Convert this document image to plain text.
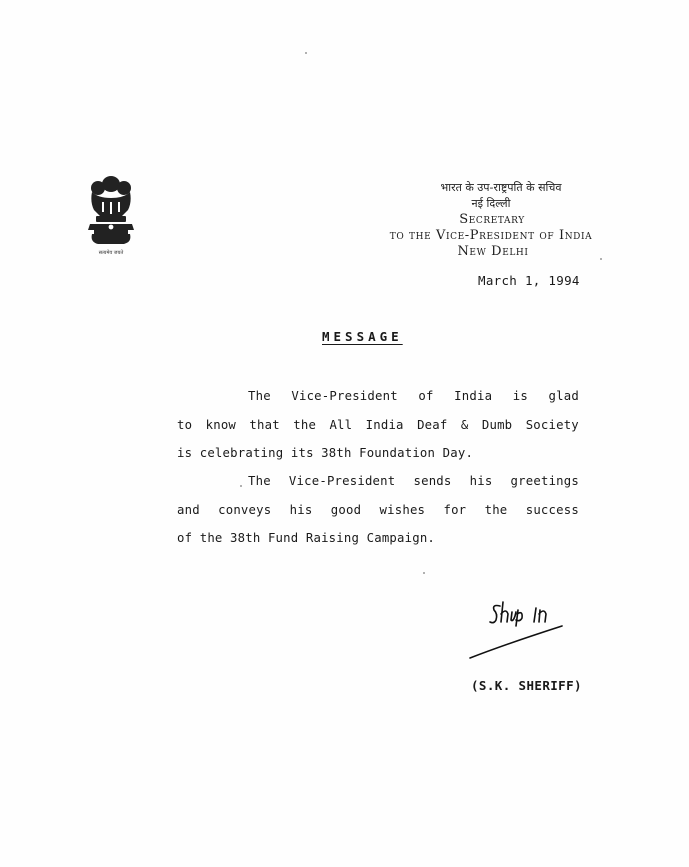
सत्यमेव जयते
भारत के उप-राष्ट्रपति के सचिव
नई दिल्ली
Secretary
to the Vice-President of India
New Delhi
March 1, 1994
MESSAGE
The Vice-President of India is glad
to know that the All India Deaf & Dumb Society
is celebrating its 38th Foundation Day.
The Vice-President sends his greetings
and conveys his good wishes for the success
of the 38th Fund Raising Campaign.
(S.K. SHERIFF)
